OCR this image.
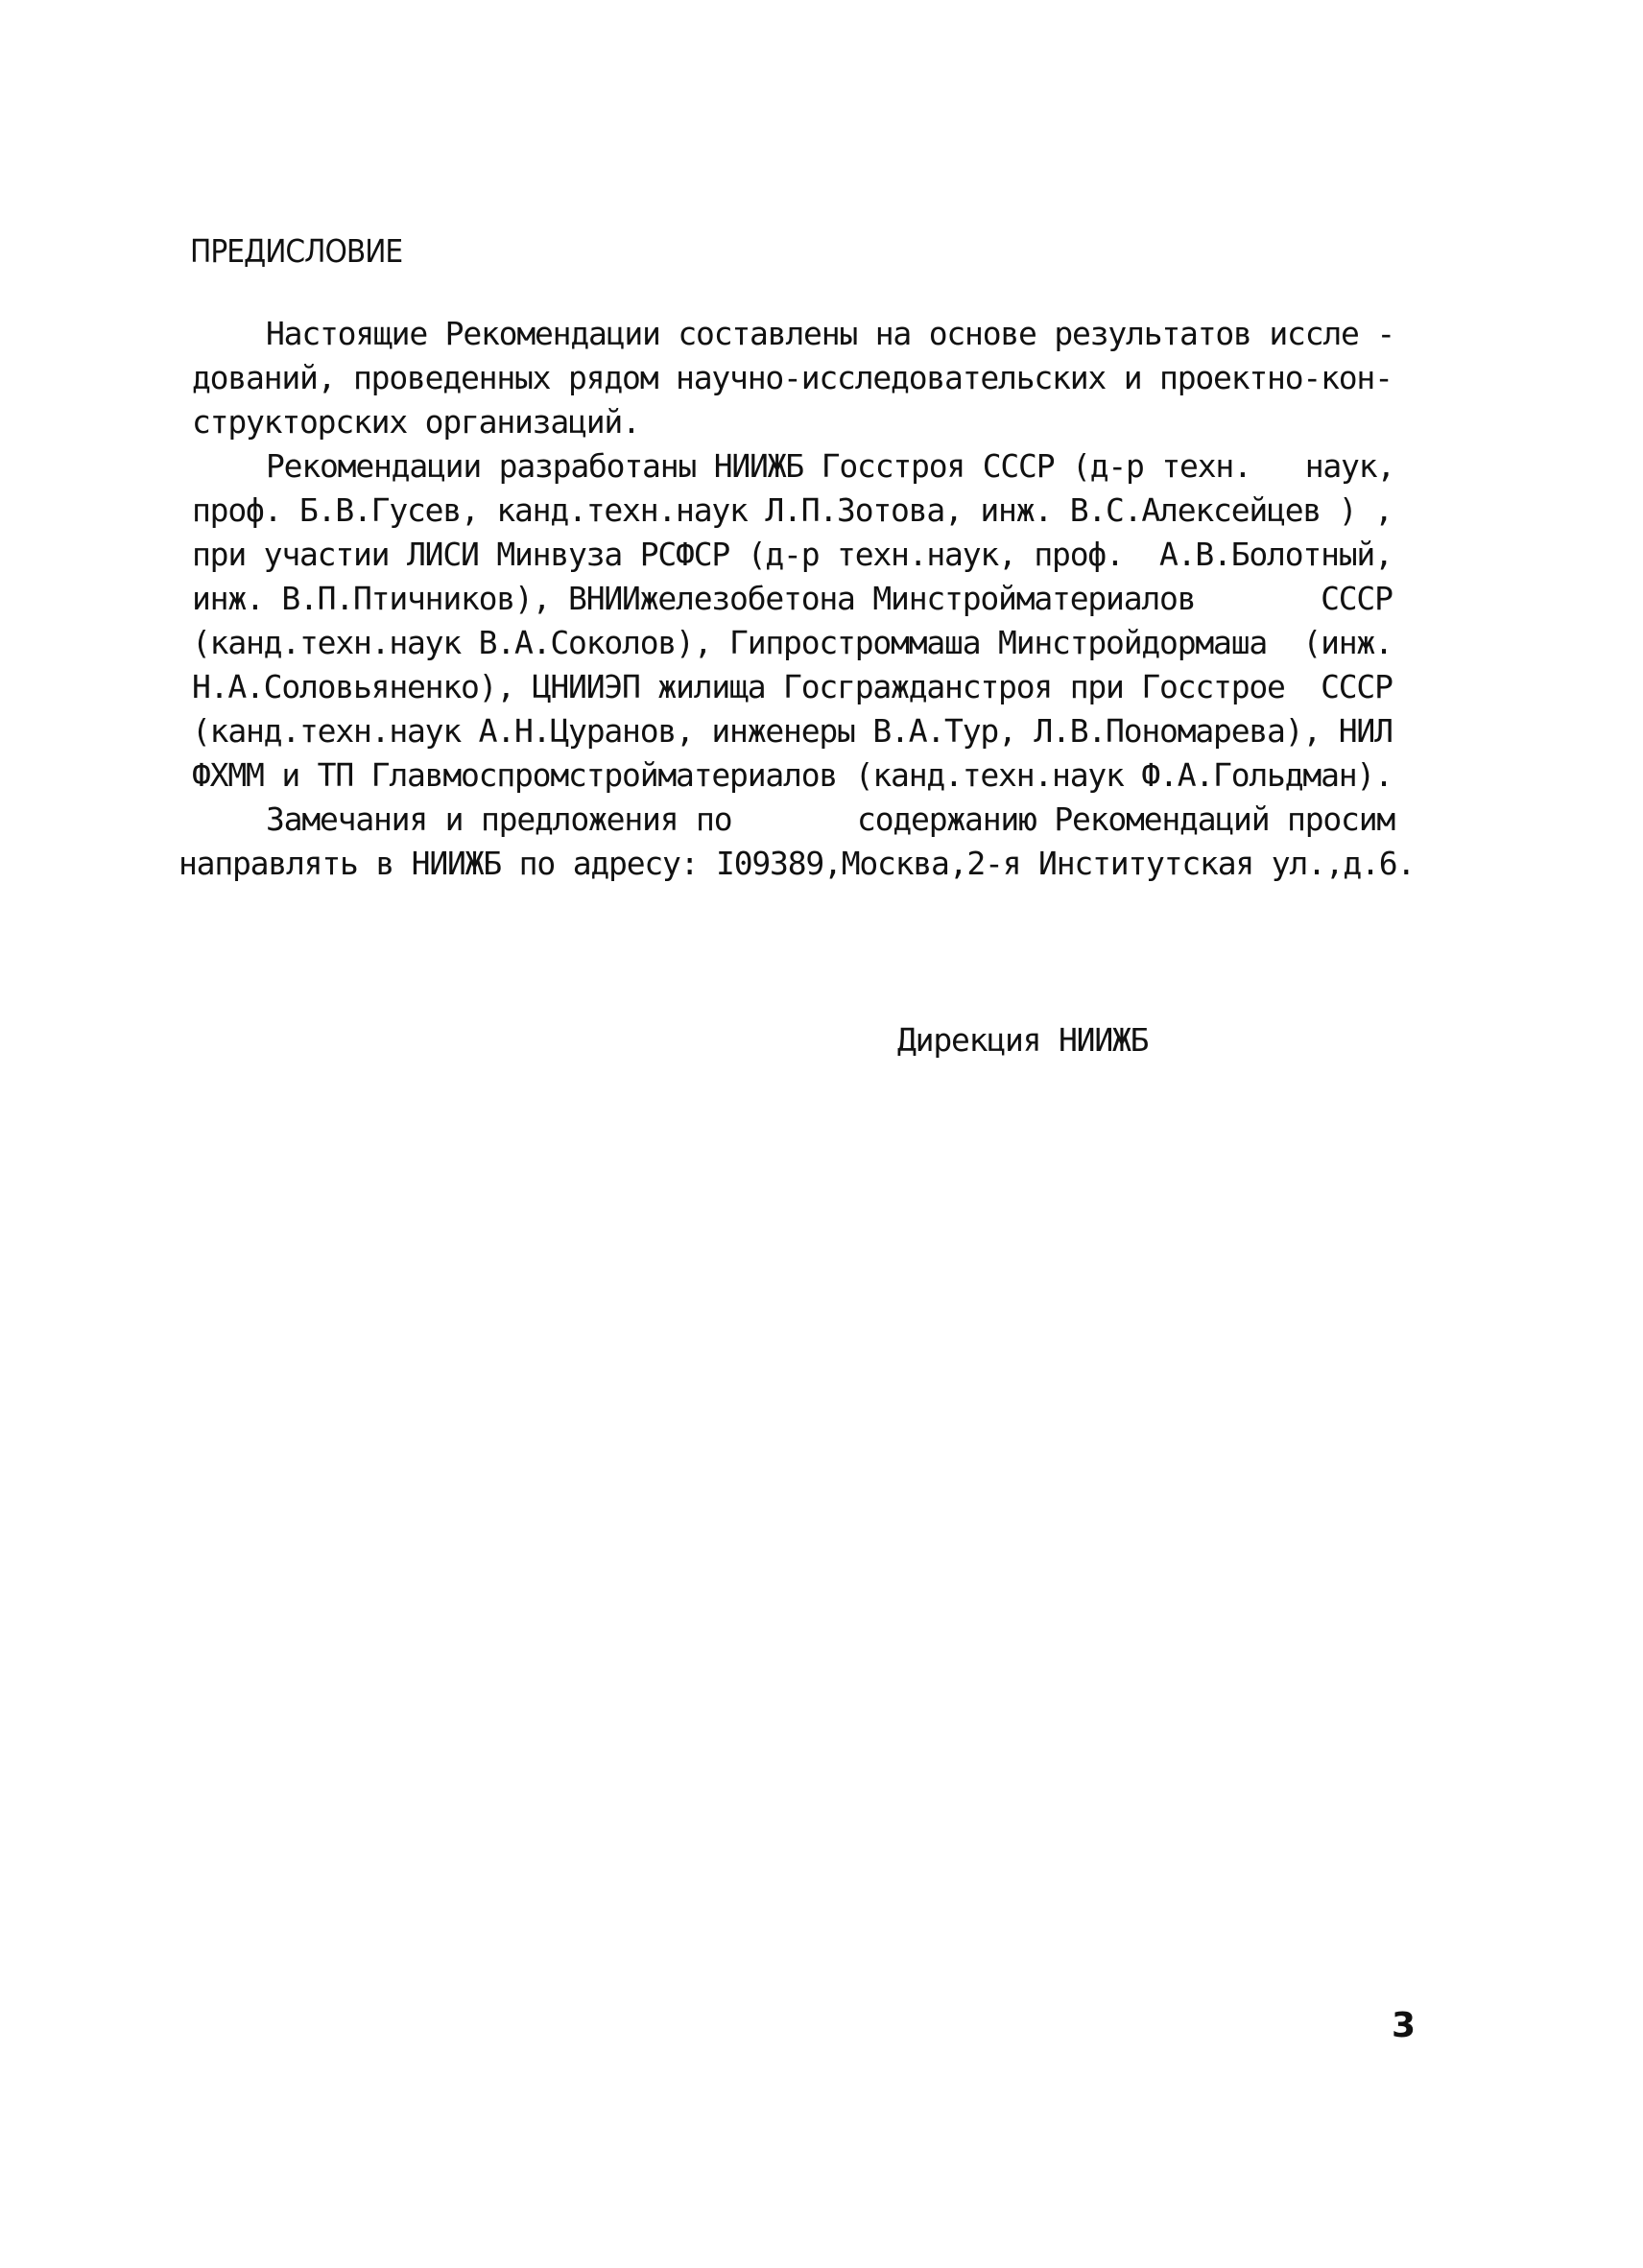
ПРЕДИСЛОВИЕ
Настоящие Рекомендации составлены на основе результатов иссле -
дований, проведенных рядом научно-исследовательских и проектно-кон-
структорских организаций.
Рекомендации разработаны НИИЖБ Госстроя СССР (д-р техн.   наук,
проф. Б.В.Гусев, канд.техн.наук Л.П.Зотова, инж. В.С.Алексейцев ) ,
при участии ЛИСИ Минвуза РСФСР (д-р техн.наук, проф.  А.В.Болотный,
инж. В.П.Птичников), ВНИИжелезобетона Минстройматериалов       СССР
(канд.техн.наук В.А.Соколов), Гипростроммаша Минстройдормаша  (инж.
Н.А.Соловьяненко), ЦНИИЭП жилища Госгражданстроя при Госстрое  СССР
(канд.техн.наук А.Н.Цуранов, инженеры В.А.Тур, Л.В.Пономарева), НИЛ
ФХММ и ТП Главмоспромстройматериалов (канд.техн.наук Ф.А.Гольдман).
Замечания и предложения по       содержанию Рекомендаций просим
направлять в НИИЖБ по адресу: I09389,Москва,2-я Институтская ул.,д.6.
Дирекция НИИЖБ
3
